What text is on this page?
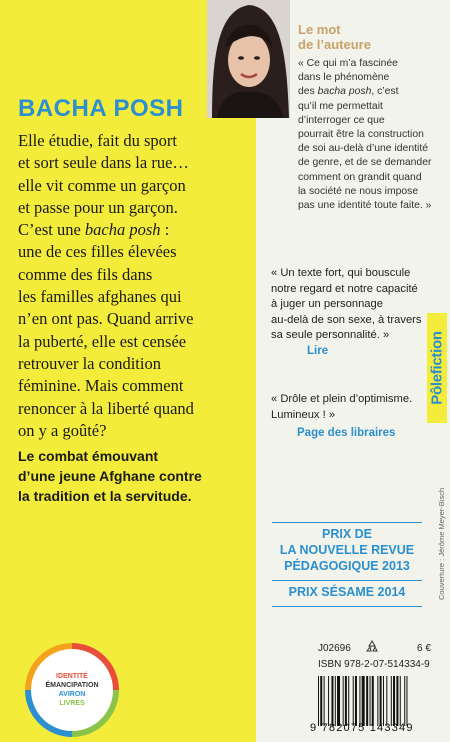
BACHA POSH
Elle étudie, fait du sport
et sort seule dans la rue…
elle vit comme un garçon
et passe pour un garçon.
C’est une bacha posh :
une de ces filles élevées
comme des fils dans
les familles afghanes qui
n’en ont pas. Quand arrive
la puberté, elle est censée
retrouver la condition
féminine. Mais comment
renoncer à la liberté quand
on y a goûté?
Le combat émouvant
d’une jeune Afghane contre
la tradition et la servitude.
IDENTITÉ
ÉMANCIPATION
AVIRON
LIVRES
Le mot
de l’auteure
« Ce qui m’a fascinée
dans le phénomène
des bacha posh, c’est
qu’il me permettait
d’interroger ce que
pourrait être la construction
de soi au-delà d’une identité
de genre, et de se demander
comment on grandit quand
la société ne nous impose
pas une identité toute faite. »
« Un texte fort, qui bouscule
notre regard et notre capacité
à juger un personnage
au-delà de son sexe, à travers
sa seule personnalité. »
Lire
« Drôle et plein d’optimisme.
Lumineux ! »
Page des libraires
Pôlefiction
PRIX DE
LA NOUVELLE REVUE
PÉDAGOGIQUE 2013
PRIX SÉSAME 2014	Couverture : Jérôme Meyer-Bisch
J02696	6 €
ISBN 978-2-07-514334-9
9 782075 143349
